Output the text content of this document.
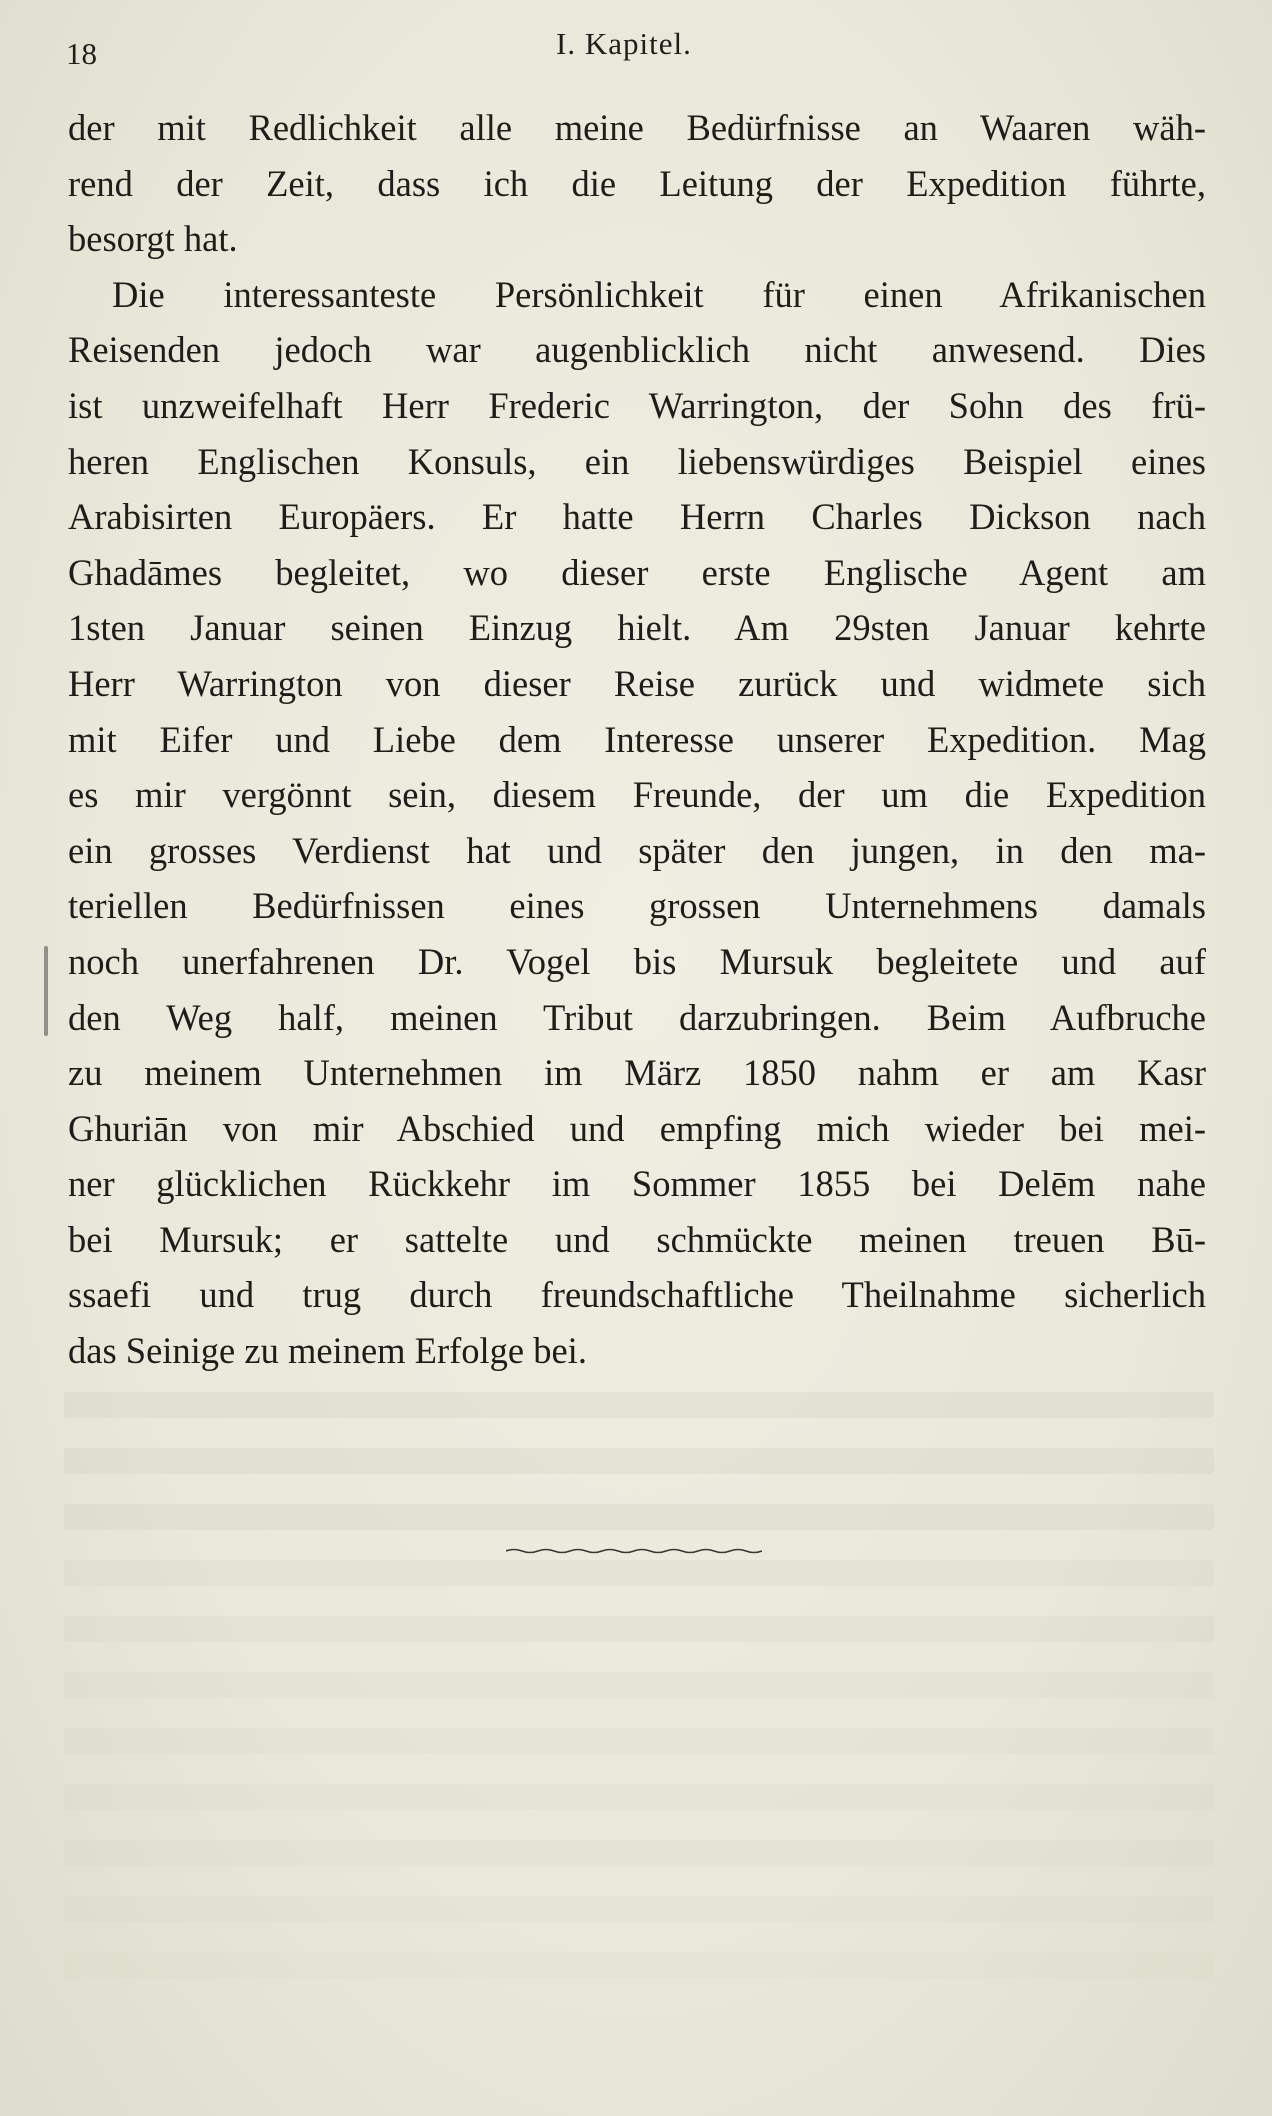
18	I. Kapitel.
der mit Redlichkeit alle meine Bedürfnisse an Waaren wäh-
rend der Zeit, dass ich die Leitung der Expedition führte,
besorgt hat.
Die interessanteste Persönlichkeit für einen Afrikanischen
Reisenden jedoch war augenblicklich nicht anwesend. Dies
ist unzweifelhaft Herr Frederic Warrington, der Sohn des frü-
heren Englischen Konsuls, ein liebenswürdiges Beispiel eines
Arabisirten Europäers. Er hatte Herrn Charles Dickson nach
Ghadāmes begleitet, wo dieser erste Englische Agent am
1sten Januar seinen Einzug hielt. Am 29sten Januar kehrte
Herr Warrington von dieser Reise zurück und widmete sich
mit Eifer und Liebe dem Interesse unserer Expedition. Mag
es mir vergönnt sein, diesem Freunde, der um die Expedition
ein grosses Verdienst hat und später den jungen, in den ma-
teriellen Bedürfnissen eines grossen Unternehmens damals
noch unerfahrenen Dr. Vogel bis Mursuk begleitete und auf
den Weg half, meinen Tribut darzubringen. Beim Aufbruche
zu meinem Unternehmen im März 1850 nahm er am Kasr
Ghuriān von mir Abschied und empfing mich wieder bei mei-
ner glücklichen Rückkehr im Sommer 1855 bei Delēm nahe
bei Mursuk; er sattelte und schmückte meinen treuen Bū-
ssaefi und trug durch freundschaftliche Theilnahme sicherlich
das Seinige zu meinem Erfolge bei.
